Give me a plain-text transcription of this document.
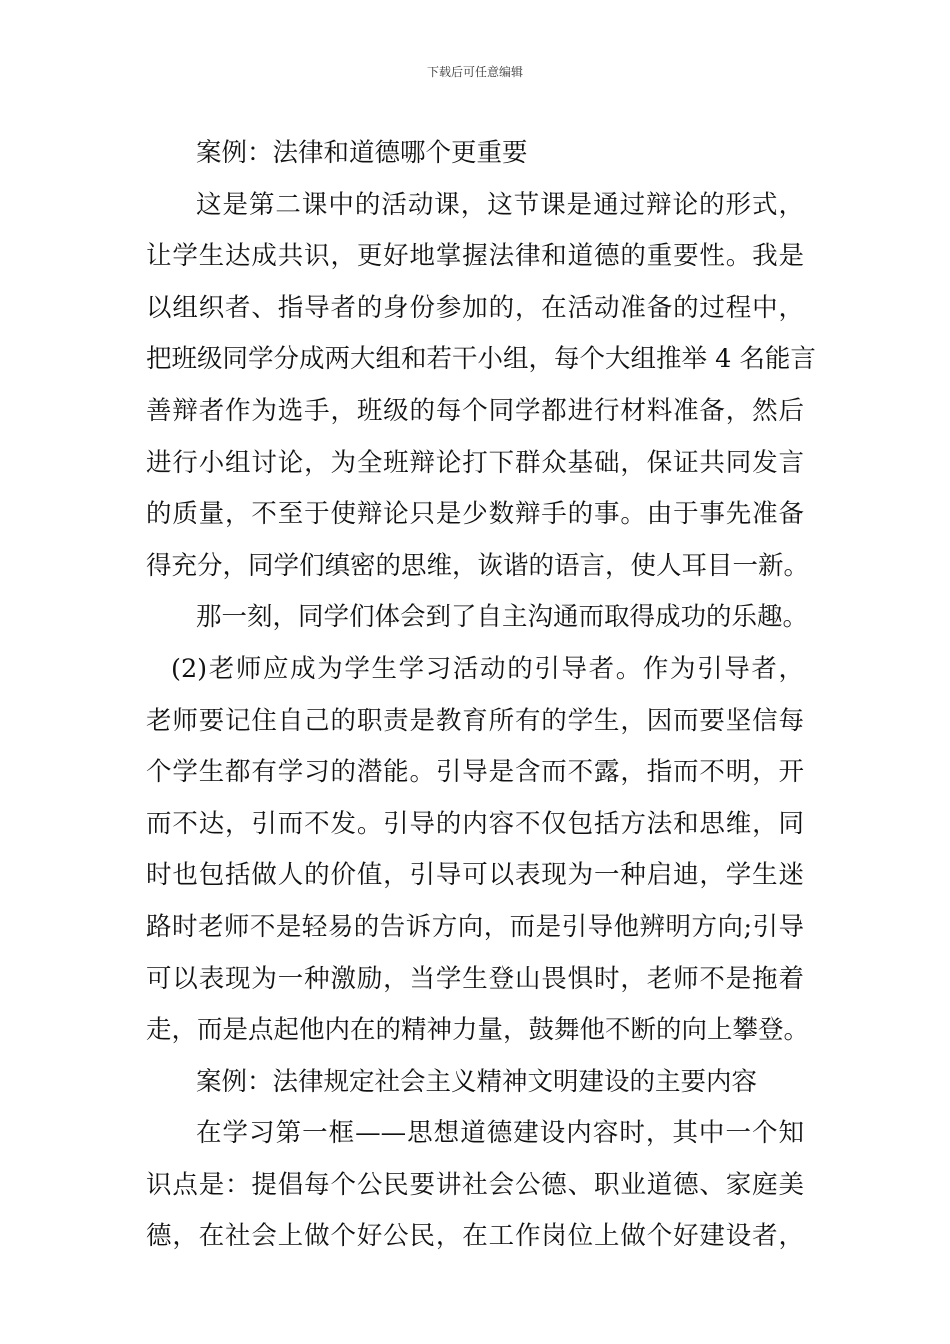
下载后可任意编辑
案例：法律和道德哪个更重要
这是第二课中的活动课，这节课是通过辩论的形式，
让学生达成共识，更好地掌握法律和道德的重要性。我是
以组织者、指导者的身份参加的，在活动准备的过程中，
把班级同学分成两大组和若干小组，每个大组推举 4 名能言
善辩者作为选手，班级的每个同学都进行材料准备，然后
进行小组讨论，为全班辩论打下群众基础，保证共同发言
的质量，不至于使辩论只是少数辩手的事。由于事先准备
得充分，同学们缜密的思维，诙谐的语言，使人耳目一新。
那一刻，同学们体会到了自主沟通而取得成功的乐趣。
(2)老师应成为学生学习活动的引导者。作为引导者，
老师要记住自己的职责是教育所有的学生，因而要坚信每
个学生都有学习的潜能。引导是含而不露，指而不明，开
而不达，引而不发。引导的内容不仅包括方法和思维，同
时也包括做人的价值，引导可以表现为一种启迪，学生迷
路时老师不是轻易的告诉方向，而是引导他辨明方向;引导
可以表现为一种激励，当学生登山畏惧时，老师不是拖着
走，而是点起他内在的精神力量，鼓舞他不断的向上攀登。
案例：法律规定社会主义精神文明建设的主要内容
在学习第一框——思想道德建设内容时，其中一个知
识点是：提倡每个公民要讲社会公德、职业道德、家庭美
德，在社会上做个好公民，在工作岗位上做个好建设者，
